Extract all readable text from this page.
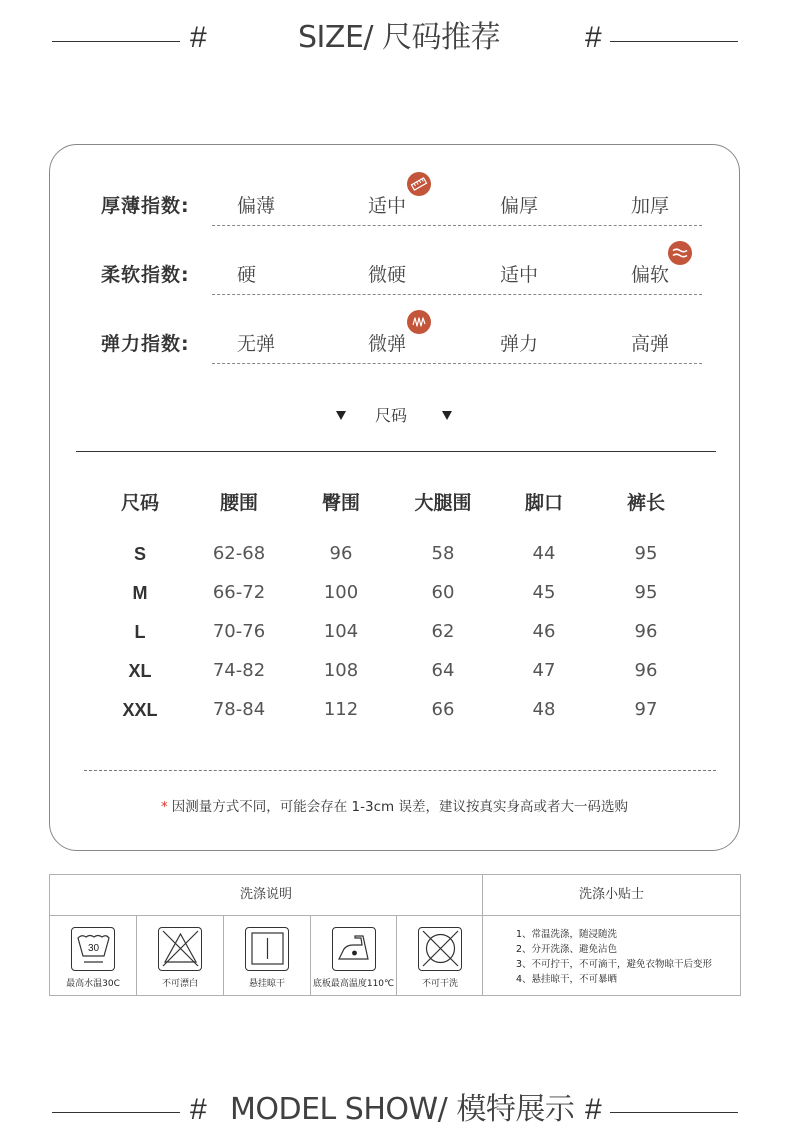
#	SIZE/ 尺码推荐	#
厚薄指数: 偏薄	适中	偏厚	加厚
柔软指数: 硬	微硬	适中	偏软
弹力指数: 无弹	微弹	弹力	高弹
尺码
尺码	腰围	臀围	大腿围	脚口	裤长
S	62-68	96	58	44	95
M	66-72	100	60	45	95
L	70-76	104	62	46	96
XL	74-82	108	64	47	96
XXL	78-84	112	66	48	97
* 因测量方式不同，可能会存在 1-3cm 误差，建议按真实身高或者大一码选购
洗涤说明
30
最高水温30C	不可漂白	悬挂晾干	底板最高温度110℃	不可干洗
洗涤小贴士
1、常温洗涤，随浸随洗
2、分开洗涤、避免沾色
3、不可拧干，不可滴干，避免衣物晾干后变形
4、悬挂晾干，不可暴晒
# MODEL SHOW/ 模特展示 #
